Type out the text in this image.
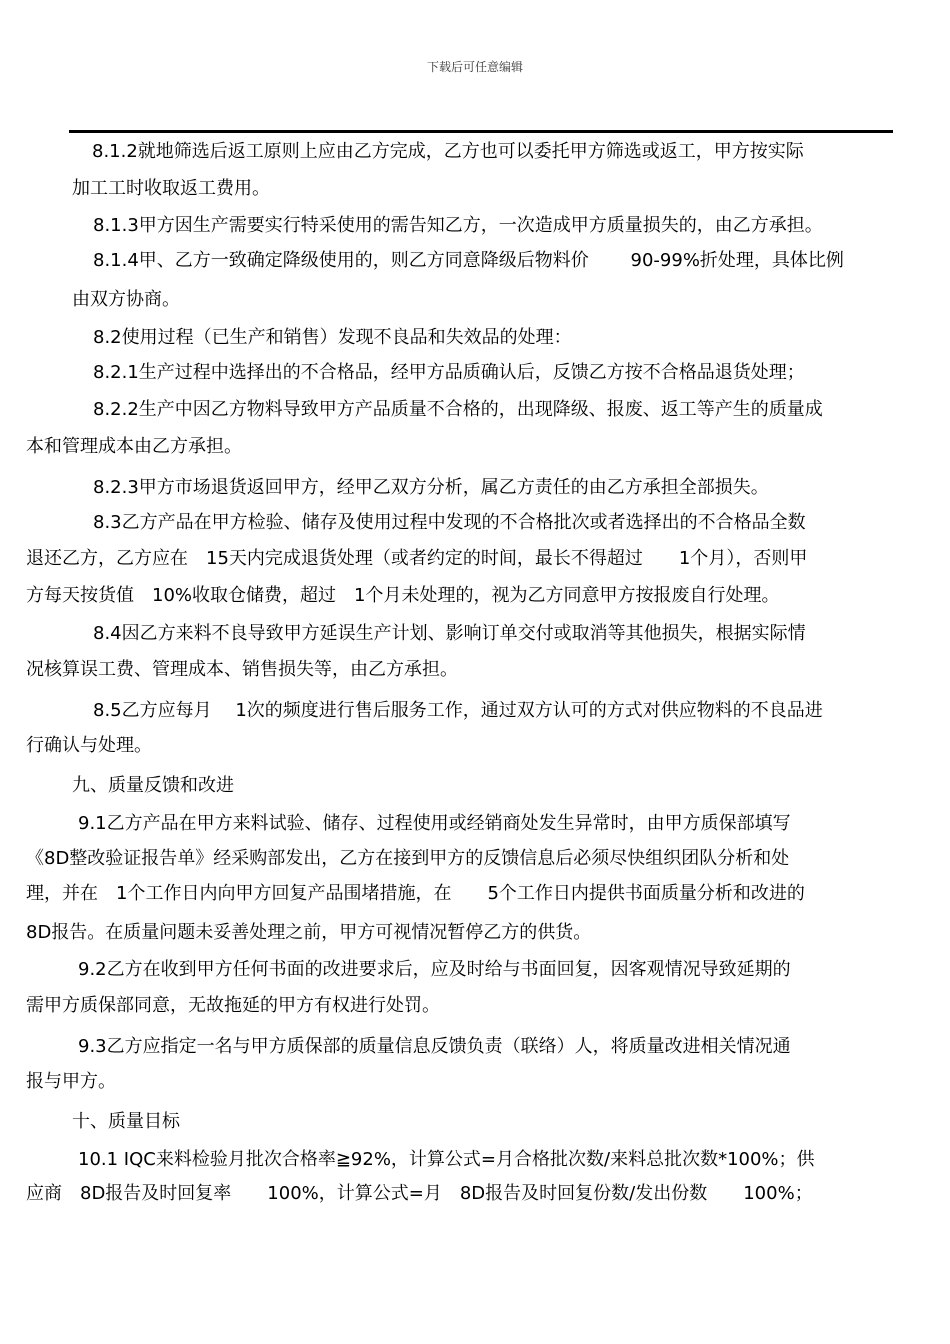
下载后可任意编辑
8.1.2就地筛选后返工原则上应由乙方完成，乙方也可以委托甲方筛选或返工，甲方按实际
加工工时收取返工费用。
8.1.3甲方因生产需要实行特采使用的需告知乙方，一次造成甲方质量损失的，由乙方承担。
8.1.4甲、乙方一致确定降级使用的，则乙方同意降级后物料价　　 90-99%折处理，具体比例
由双方协商。
8.2使用过程（已生产和销售）发现不良品和失效品的处理：
8.2.1生产过程中选择出的不合格品，经甲方品质确认后，反馈乙方按不合格品退货处理；
8.2.2生产中因乙方物料导致甲方产品质量不合格的，出现降级、报废、返工等产生的质量成
本和管理成本由乙方承担。
8.2.3甲方市场退货返回甲方，经甲乙双方分析，属乙方责任的由乙方承担全部损失。
8.3乙方产品在甲方检验、储存及使用过程中发现的不合格批次或者选择出的不合格品全数
退还乙方，乙方应在　15天内完成退货处理（或者约定的时间，最长不得超过　　1个月），否则甲
方每天按货值　10%收取仓储费，超过　1个月未处理的，视为乙方同意甲方按报废自行处理。
8.4因乙方来料不良导致甲方延误生产计划、影响订单交付或取消等其他损失，根据实际情
况核算误工费、管理成本、销售损失等，由乙方承担。
8.5乙方应每月　 1次的频度进行售后服务工作，通过双方认可的方式对供应物料的不良品进
行确认与处理。
九、质量反馈和改进
9.1乙方产品在甲方来料试验、储存、过程使用或经销商处发生异常时，由甲方质保部填写
《8D整改验证报告单》经采购部发出，乙方在接到甲方的反馈信息后必须尽快组织团队分析和处
理，并在　1个工作日内向甲方回复产品围堵措施，在　　5个工作日内提供书面质量分析和改进的
8D报告。在质量问题未妥善处理之前，甲方可视情况暂停乙方的供货。
9.2乙方在收到甲方任何书面的改进要求后，应及时给与书面回复，因客观情况导致延期的
需甲方质保部同意，无故拖延的甲方有权进行处罚。
9.3乙方应指定一名与甲方质保部的质量信息反馈负责（联络）人，将质量改进相关情况通
报与甲方。
十、质量目标
10.1 IQC来料检验月批次合格率≧92%，计算公式=月合格批次数/来料总批次数*100%；供
应商　8D报告及时回复率　　100%，计算公式=月　8D报告及时回复份数/发出份数　　100%；
